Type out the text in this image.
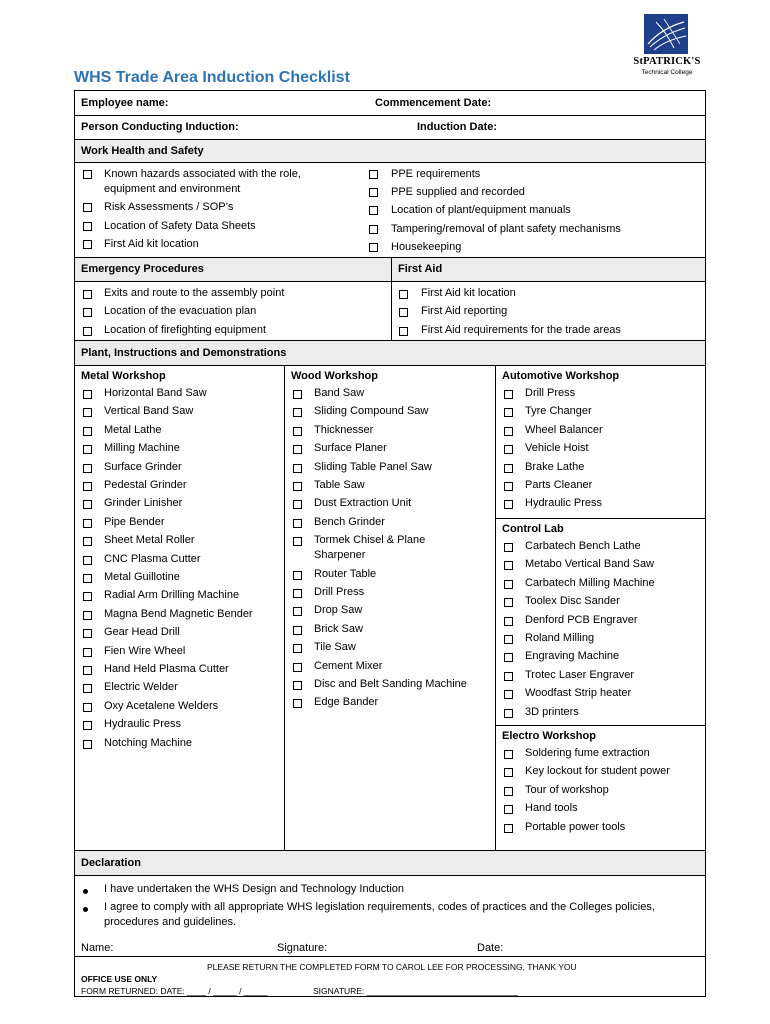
StPATRICK'S
Technical College
WHS Trade Area Induction Checklist
Employee name:	Commencement Date:
Person Conducting Induction:	Induction Date:
Work Health and Safety
Known hazards associated with the role,
equipment and environment
Risk Assessments / SOP’s
Location of Safety Data Sheets
First Aid kit location
PPE requirements
PPE supplied and recorded
Location of plant/equipment manuals
Tampering/removal of plant safety mechanisms
Housekeeping
Emergency Procedures	First Aid
Exits and route to the assembly point
Location of the evacuation plan
Location of firefighting equipment
First Aid kit location
First Aid reporting
First Aid requirements for the trade areas
Plant, Instructions and Demonstrations
Metal Workshop
Horizontal Band Saw
Vertical Band Saw
Metal Lathe
Milling Machine
Surface Grinder
Pedestal Grinder
Grinder Linisher
Pipe Bender
Sheet Metal Roller
CNC Plasma Cutter
Metal Guillotine
Radial Arm Drilling Machine
Magna Bend Magnetic Bender
Gear Head Drill
Fien Wire Wheel
Hand Held Plasma Cutter
Electric Welder
Oxy Acetalene Welders
Hydraulic Press
Notching Machine
Wood Workshop
Band Saw
Sliding Compound Saw
Thicknesser
Surface Planer
Sliding Table Panel Saw
Table Saw
Dust Extraction Unit
Bench Grinder
Tormek Chisel & Plane
Sharpener
Router Table
Drill Press
Drop Saw
Brick Saw
Tile Saw
Cement Mixer
Disc and Belt Sanding Machine
Edge Bander
Automotive Workshop
Drill Press
Tyre Changer
Wheel Balancer
Vehicle Hoist
Brake Lathe
Parts Cleaner
Hydraulic Press
Control Lab
Carbatech Bench Lathe
Metabo Vertical Band Saw
Carbatech Milling Machine
Toolex Disc Sander
Denford PCB Engraver
Roland Milling
Engraving Machine
Trotec Laser Engraver
Woodfast Strip heater
3D printers
Electro Workshop
Soldering fume extraction
Key lockout for student power
Tour of workshop
Hand tools
Portable power tools
Declaration
I have undertaken the WHS Design and Technology Induction
I agree to comply with all appropriate WHS legislation requirements, codes of practices and the Colleges policies,
procedures and guidelines.
Name:	Signature:	Date:
PLEASE RETURN THE COMPLETED FORM TO CAROL LEE FOR PROCESSING, THANK YOU
OFFICE USE ONLY
FORM RETURNED: DATE: ____ / _____ / _____	SIGNATURE: ________________________________
